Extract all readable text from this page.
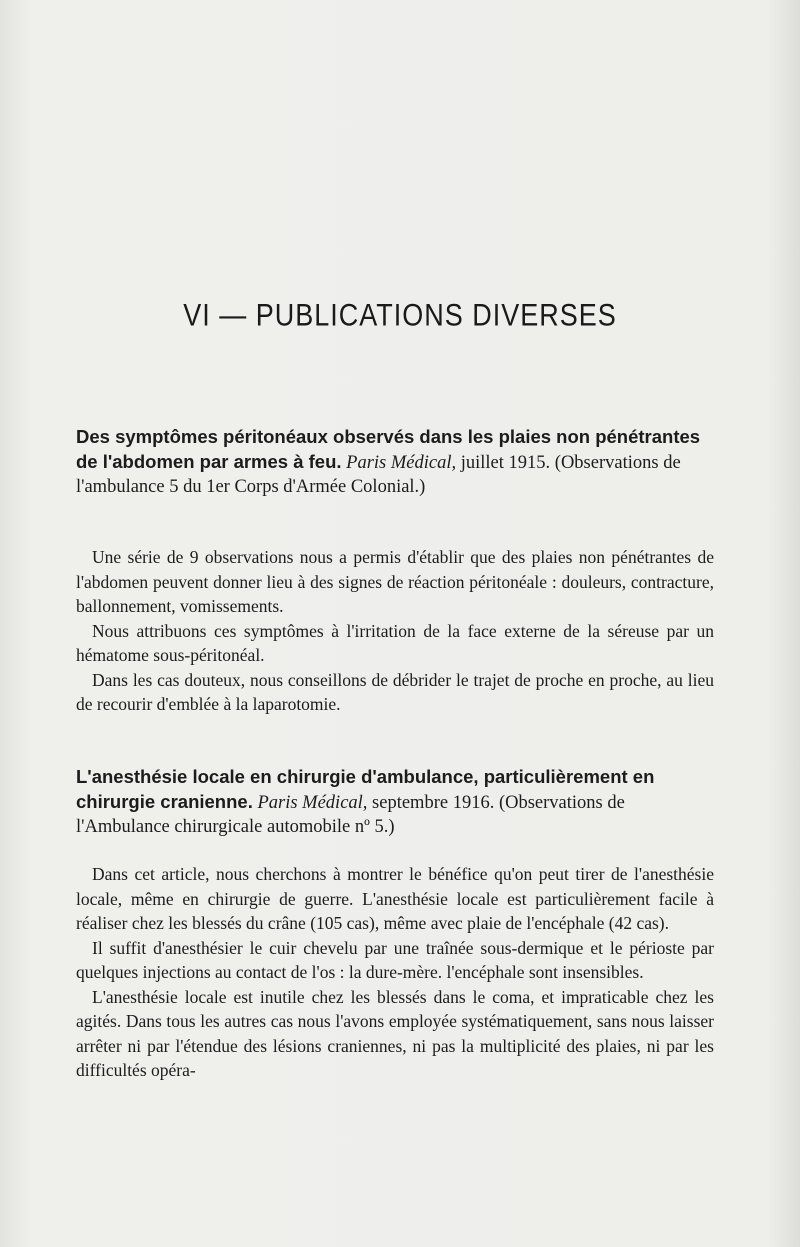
VI — PUBLICATIONS DIVERSES
Des symptômes péritonéaux observés dans les plaies non pénétrantes de l'abdomen par armes à feu. Paris Médical, juillet 1915. (Observations de l'ambulance 5 du 1er Corps d'Armée Colonial.)

Une série de 9 observations nous a permis d'établir que des plaies non pénétrantes de l'abdomen peuvent donner lieu à des signes de réaction péritonéale : douleurs, contracture, ballonnement, vomissements.

Nous attribuons ces symptômes à l'irritation de la face externe de la séreuse par un hématome sous-péritonéal.

Dans les cas douteux, nous conseillons de débrider le trajet de proche en proche, au lieu de recourir d'emblée à la laparotomie.

L'anesthésie locale en chirurgie d'ambulance, particulièrement en chirurgie cranienne. Paris Médical, septembre 1916. (Observations de l'Ambulance chirurgicale automobile nº 5.)

Dans cet article, nous cherchons à montrer le bénéfice qu'on peut tirer de l'anesthésie locale, même en chirurgie de guerre. L'anesthésie locale est particulièrement facile à réaliser chez les blessés du crâne (105 cas), même avec plaie de l'encéphale (42 cas).

Il suffit d'anesthésier le cuir chevelu par une traînée sous-dermique et le périoste par quelques injections au contact de l'os : la dure-mère. l'encéphale sont insensibles.

L'anesthésie locale est inutile chez les blessés dans le coma, et impraticable chez les agités. Dans tous les autres cas nous l'avons employée systématiquement, sans nous laisser arrêter ni par l'étendue des lésions craniennes, ni pas la multiplicité des plaies, ni par les difficultés opéra-
